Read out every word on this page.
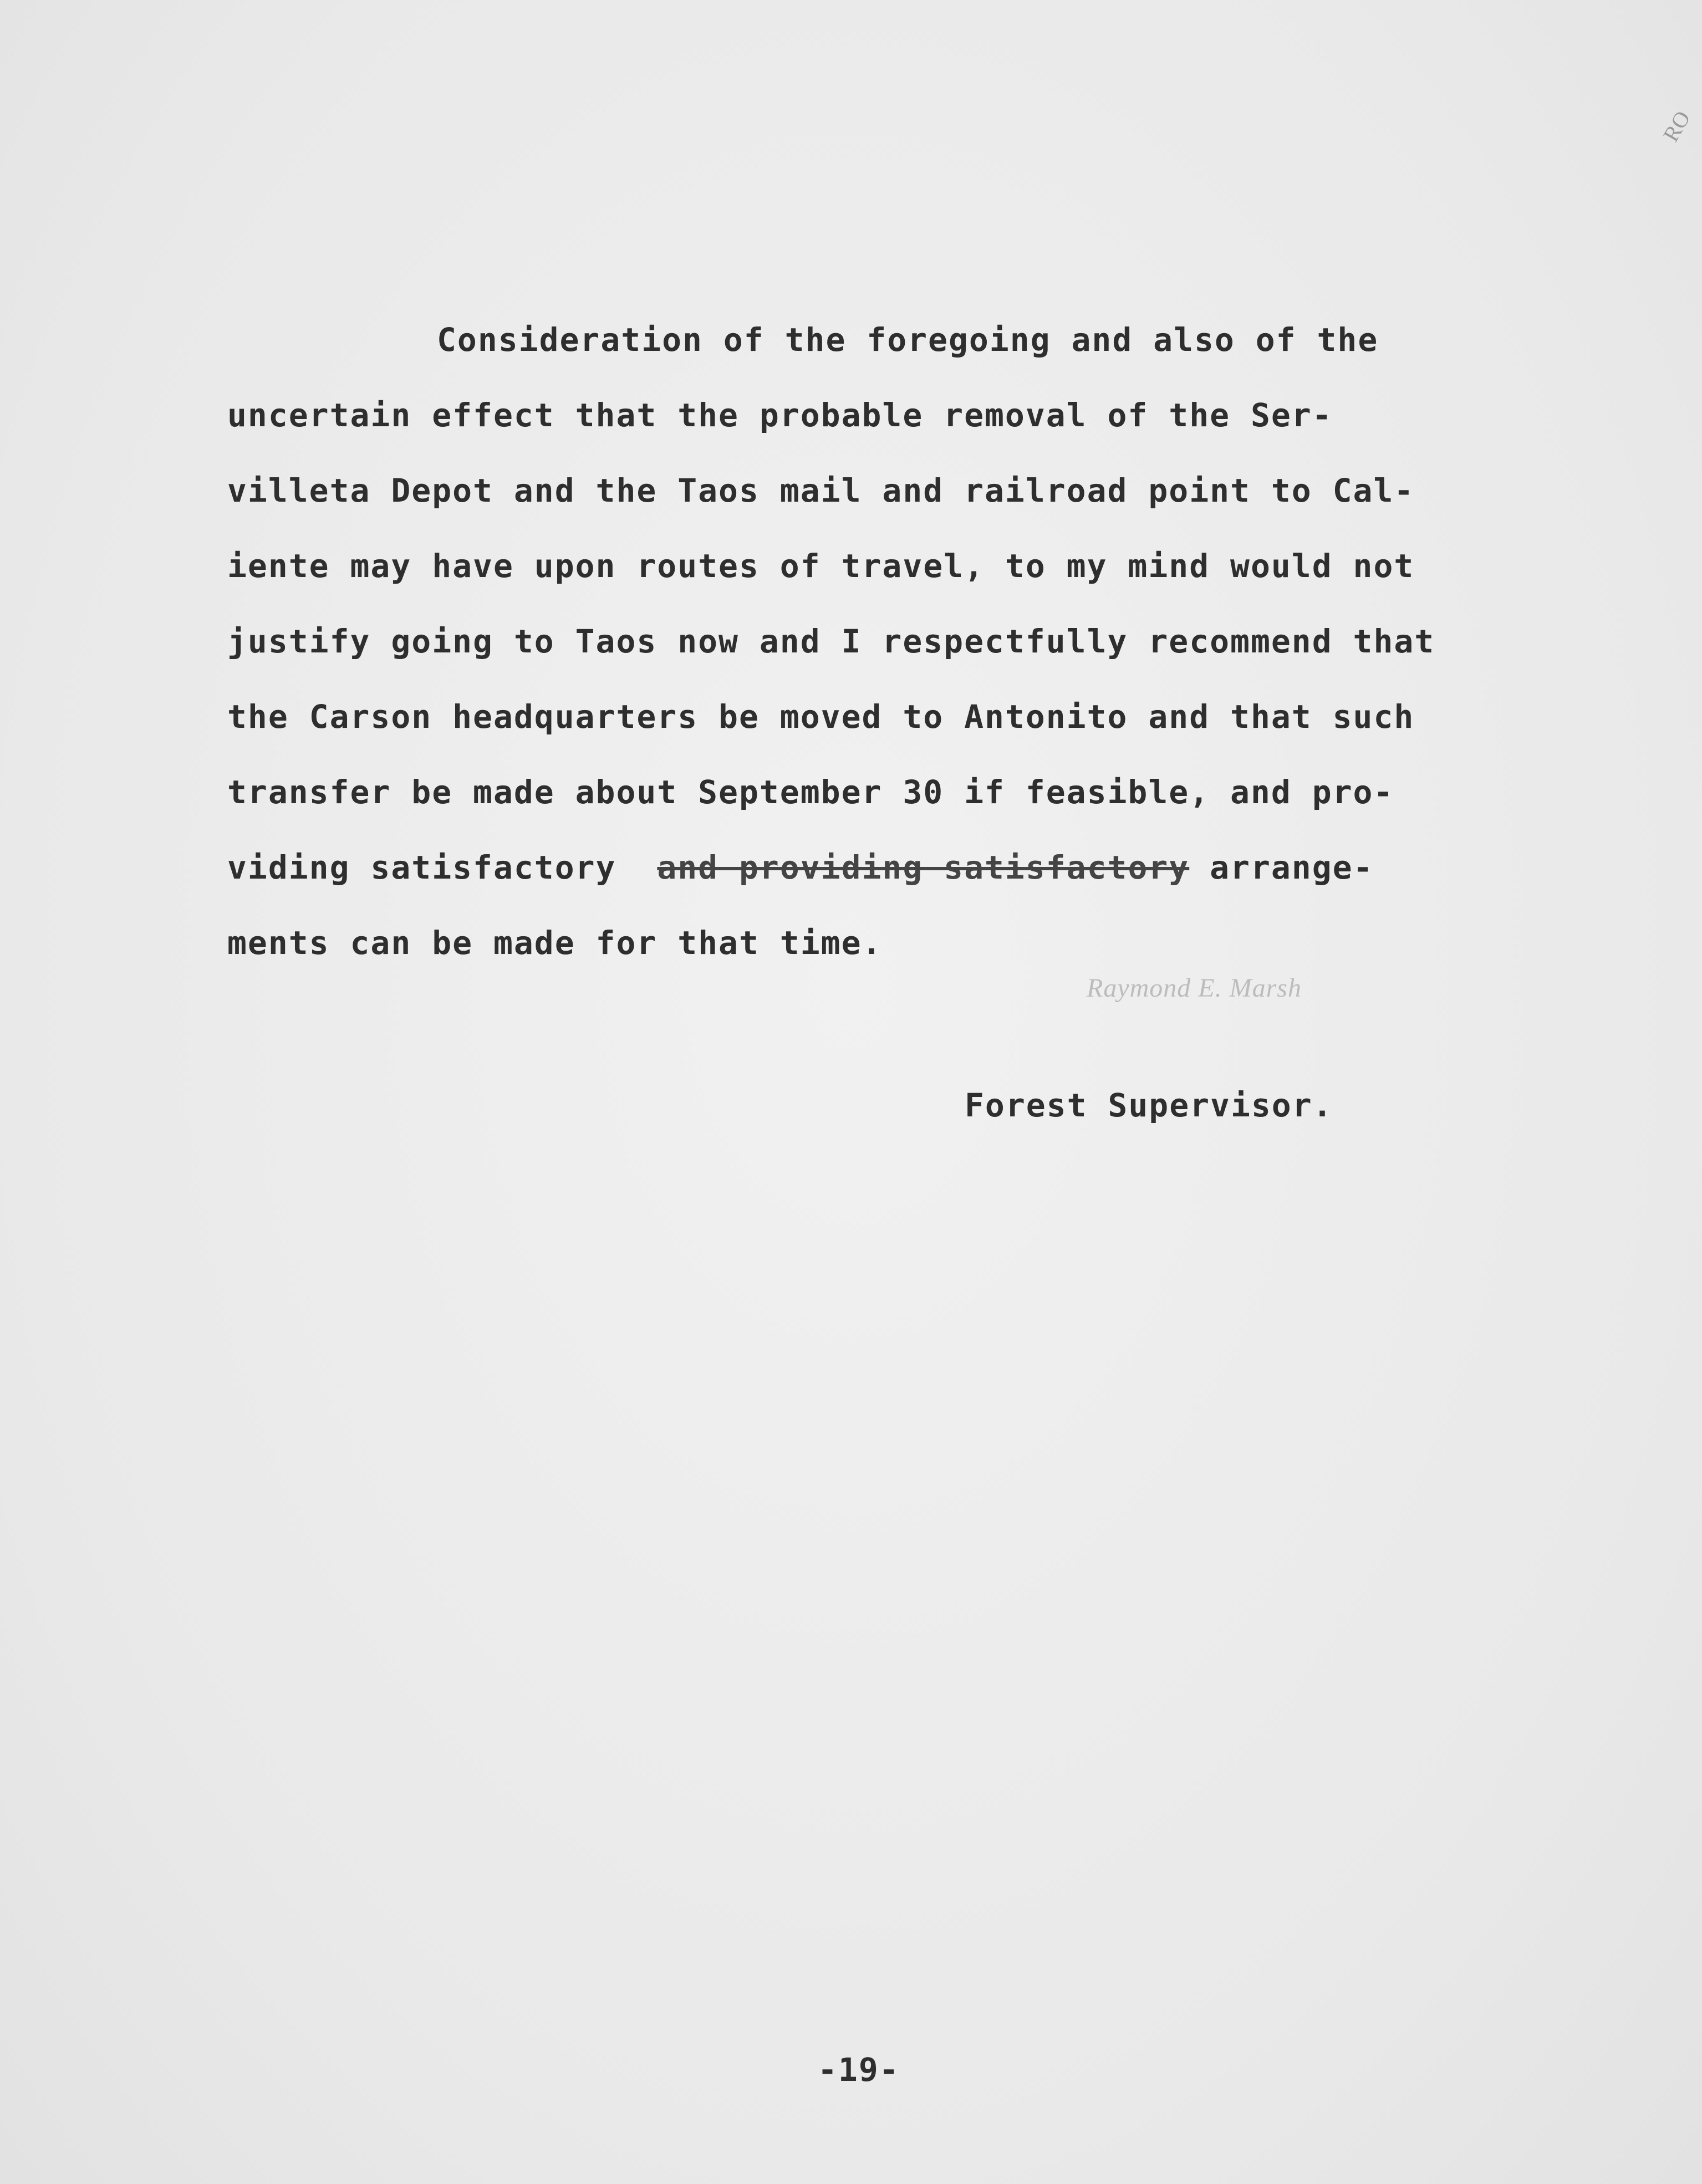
RO
Consideration of the foregoing and also of the
uncertain effect that the probable removal of the Ser-
villeta Depot and the Taos mail and railroad point to Cal-
iente may have upon routes of travel, to my mind would not
justify going to Taos now and I respectfully recommend that
the Carson headquarters be moved to Antonito and that such
transfer be made about September 30 if feasible, and pro-
viding satisfactory and providing satisfactory arrange-
ments can be made for that time.
Raymond E. Marsh
Forest Supervisor.
-19-
